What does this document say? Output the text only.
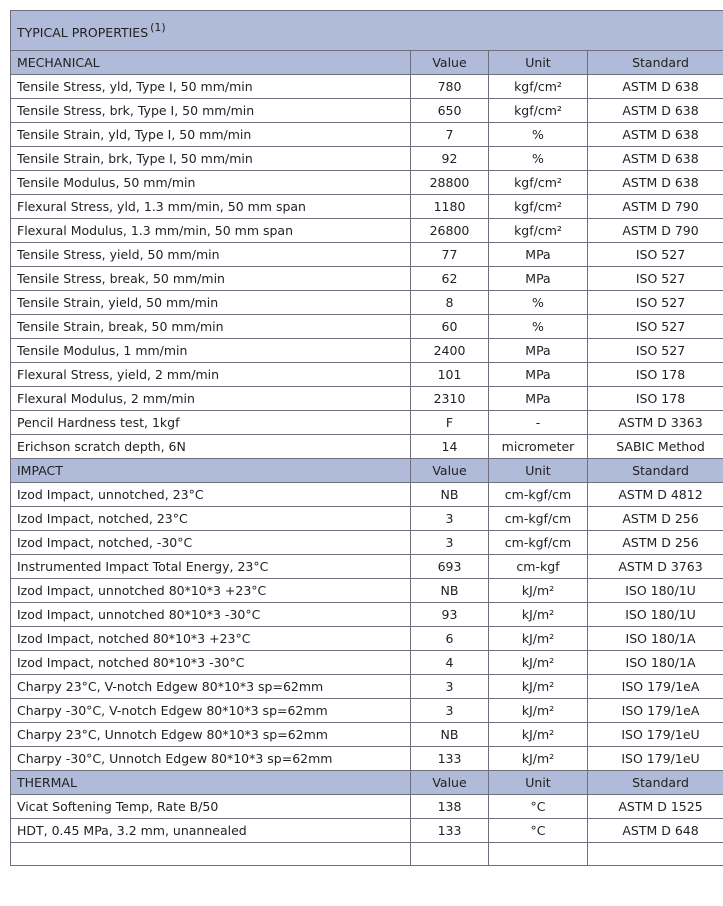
TYPICAL PROPERTIES $^{(1)}$
MECHANICAL	Value	Unit	Standard
Tensile Stress, yld, Type I, 50 mm/min	780	kgf/cm²	ASTM D 638
Tensile Stress, brk, Type I, 50 mm/min	650	kgf/cm²	ASTM D 638
Tensile Strain, yld, Type I, 50 mm/min	7	%	ASTM D 638
Tensile Strain, brk, Type I, 50 mm/min	92	%	ASTM D 638
Tensile Modulus, 50 mm/min	28800	kgf/cm²	ASTM D 638
Flexural Stress, yld, 1.3 mm/min, 50 mm span	1180	kgf/cm²	ASTM D 790
Flexural Modulus, 1.3 mm/min, 50 mm span	26800	kgf/cm²	ASTM D 790
Tensile Stress, yield, 50 mm/min	77	MPa	ISO 527
Tensile Stress, break, 50 mm/min	62	MPa	ISO 527
Tensile Strain, yield, 50 mm/min	8	%	ISO 527
Tensile Strain, break, 50 mm/min	60	%	ISO 527
Tensile Modulus, 1 mm/min	2400	MPa	ISO 527
Flexural Stress, yield, 2 mm/min	101	MPa	ISO 178
Flexural Modulus, 2 mm/min	2310	MPa	ISO 178
Pencil Hardness test, 1kgf	F	-	ASTM D 3363
Erichson scratch depth, 6N	14	micrometer	SABIC Method
IMPACT	Value	Unit	Standard
Izod Impact, unnotched, 23°C	NB	cm-kgf/cm	ASTM D 4812
Izod Impact, notched, 23°C	3	cm-kgf/cm	ASTM D 256
Izod Impact, notched, -30°C	3	cm-kgf/cm	ASTM D 256
Instrumented Impact Total Energy, 23°C	693	cm-kgf	ASTM D 3763
Izod Impact, unnotched 80*10*3 +23°C	NB	kJ/m²	ISO 180/1U
Izod Impact, unnotched 80*10*3 -30°C	93	kJ/m²	ISO 180/1U
Izod Impact, notched 80*10*3 +23°C	6	kJ/m²	ISO 180/1A
Izod Impact, notched 80*10*3 -30°C	4	kJ/m²	ISO 180/1A
Charpy 23°C, V-notch Edgew 80*10*3 sp=62mm	3	kJ/m²	ISO 179/1eA
Charpy -30°C, V-notch Edgew 80*10*3 sp=62mm	3	kJ/m²	ISO 179/1eA
Charpy 23°C, Unnotch Edgew 80*10*3 sp=62mm	NB	kJ/m²	ISO 179/1eU
Charpy -30°C, Unnotch Edgew 80*10*3 sp=62mm	133	kJ/m²	ISO 179/1eU
THERMAL	Value	Unit	Standard
Vicat Softening Temp, Rate B/50	138	°C	ASTM D 1525
HDT, 0.45 MPa, 3.2 mm, unannealed	133	°C	ASTM D 648
